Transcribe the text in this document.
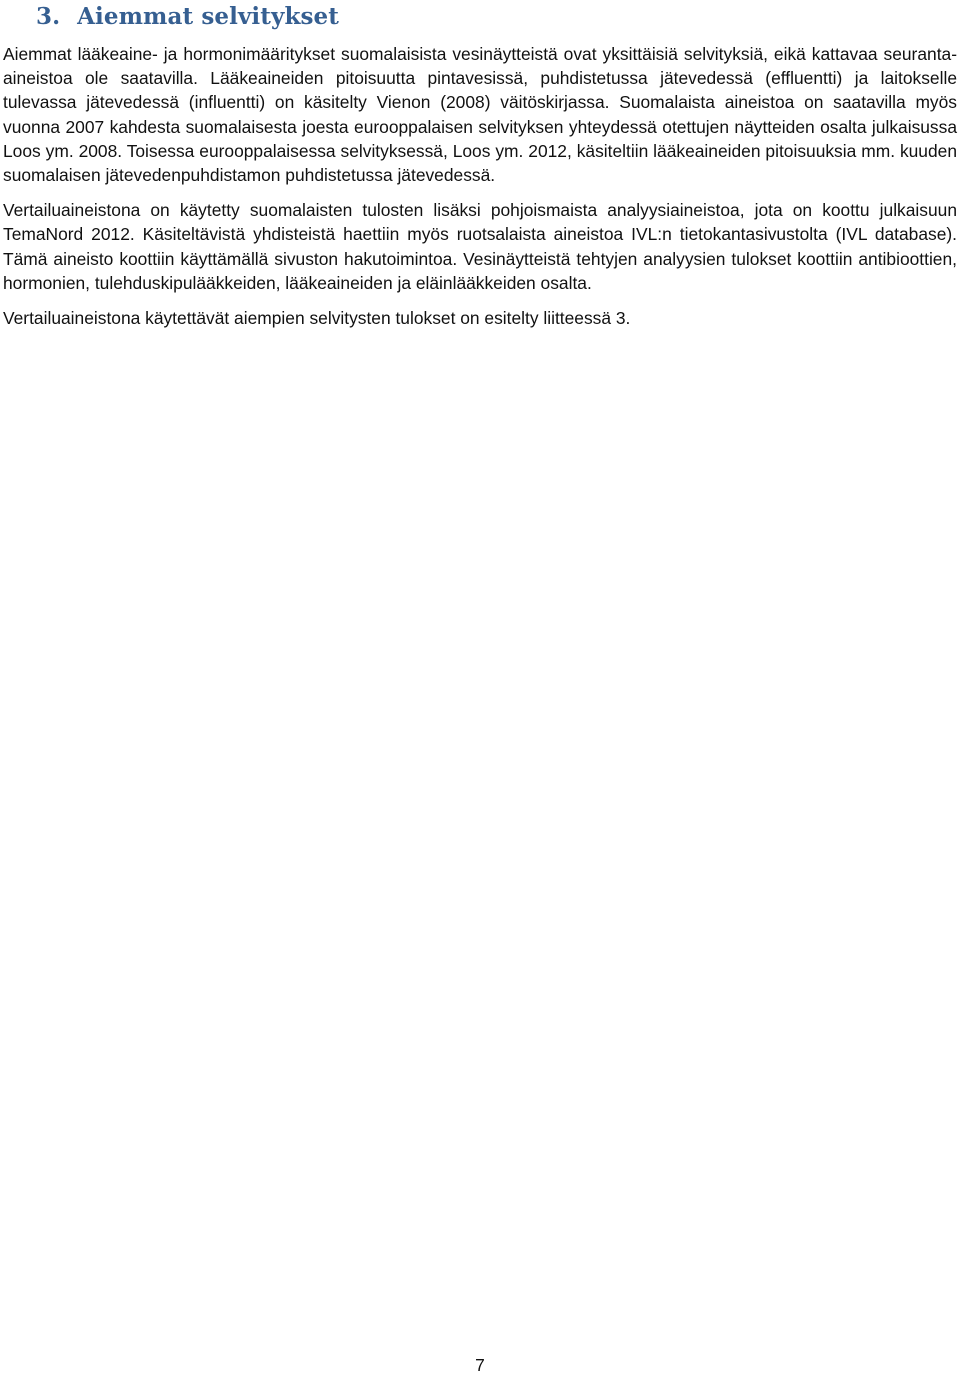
3. Aiemmat selvitykset

Aiemmat lääkeaine- ja hormonimääritykset suomalaisista vesinäytteistä ovat yksittäisiä selvityksiä, eikä kattavaa seuranta-aineistoa ole saatavilla. Lääkeaineiden pitoisuutta pintavesissä, puhdistetussa jätevedessä (effluentti) ja laitokselle tulevassa jätevedessä (influentti) on käsitelty Vienon (2008) väitöskirjassa. Suomalaista aineistoa on saatavilla myös vuonna 2007 kahdesta suomalaisesta joesta eurooppalaisen selvityksen yhteydessä otettujen näytteiden osalta julkaisussa Loos ym. 2008. Toisessa eurooppalaisessa selvityksessä, Loos ym. 2012, käsiteltiin lääkeaineiden pitoisuuksia mm. kuuden suomalaisen jätevedenpuhdistamon puhdistetussa jätevedessä.

Vertailuaineistona on käytetty suomalaisten tulosten lisäksi pohjoismaista analyysiaineistoa, jota on koottu julkaisuun TemaNord 2012. Käsiteltävistä yhdisteistä haettiin myös ruotsalaista aineistoa IVL:n tietokantasivustolta (IVL database). Tämä aineisto koottiin käyttämällä sivuston hakutoimintoa. Vesinäytteistä tehtyjen analyysien tulokset koottiin antibioottien, hormonien, tulehduskipulääkkeiden, lääkeaineiden ja eläinlääkkeiden osalta.

Vertailuaineistona käytettävät aiempien selvitysten tulokset on esitelty liitteessä 3.

7
